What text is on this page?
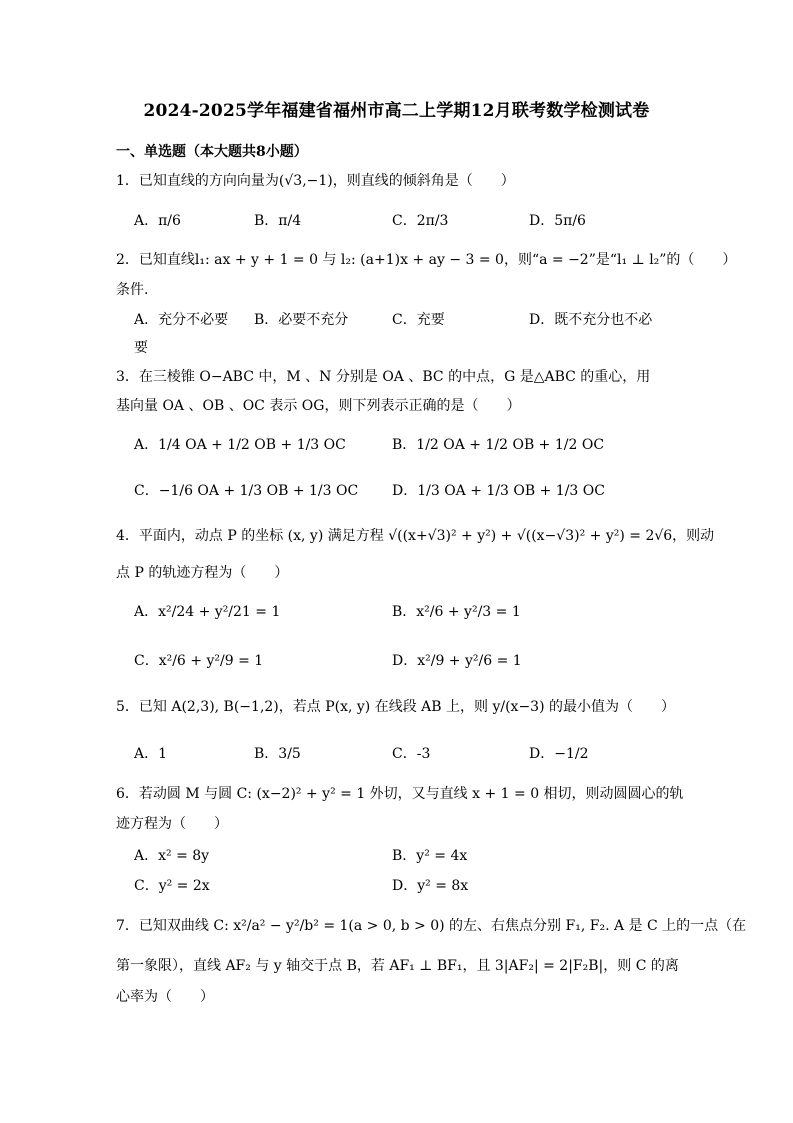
2024-2025学年福建省福州市高二上学期12月联考数学检测试卷
一、单选题（本大题共8小题）
1．已知直线的方向向量为(√3,−1)，则直线的倾斜角是（　　）
A．π/6	B．π/4	C．2π/3	D．5π/6
2．已知直线l₁: ax + y + 1 = 0 与 l₂: (a+1)x + ay − 3 = 0，则“a = −2”是“l₁ ⊥ l₂”的（　　）
条件.
A．充分不必要 B．必要不充分	C．充要	D．既不充分也不必
要
3．在三棱锥 O−ABC 中，M 、N 分别是 OA 、BC 的中点，G 是△ABC 的重心，用
基向量 OA 、OB 、OC 表示 OG，则下列表示正确的是（　　）
A．1/4 OA + 1/2 OB + 1/3 OC	B．1/2 OA + 1/2 OB + 1/2 OC
C．−1/6 OA + 1/3 OB + 1/3 OC D．1/3 OA + 1/3 OB + 1/3 OC
4．平面内，动点 P 的坐标 (x, y) 满足方程 √((x+√3)² + y²) + √((x−√3)² + y²) = 2√6，则动
点 P 的轨迹方程为（　　）
A．x²/24 + y²/21 = 1	B．x²/6 + y²/3 = 1
C．x²/6 + y²/9 = 1	D．x²/9 + y²/6 = 1
5．已知 A(2,3), B(−1,2)，若点 P(x, y) 在线段 AB 上，则 y/(x−3) 的最小值为（　　）
A．1	B．3/5	C．-3	D．−1/2
6．若动圆 M 与圆 C: (x−2)² + y² = 1 外切，又与直线 x + 1 = 0 相切，则动圆圆心的轨
迹方程为（　　）
A．x² = 8y	B．y² = 4x
C．y² = 2x	D．y² = 8x
7．已知双曲线 C: x²/a² − y²/b² = 1(a > 0, b > 0) 的左、右焦点分别 F₁, F₂. A 是 C 上的一点（在
第一象限），直线 AF₂ 与 y 轴交于点 B，若 AF₁ ⊥ BF₁，且 3|AF₂| = 2|F₂B|，则 C 的离
心率为（　　）
